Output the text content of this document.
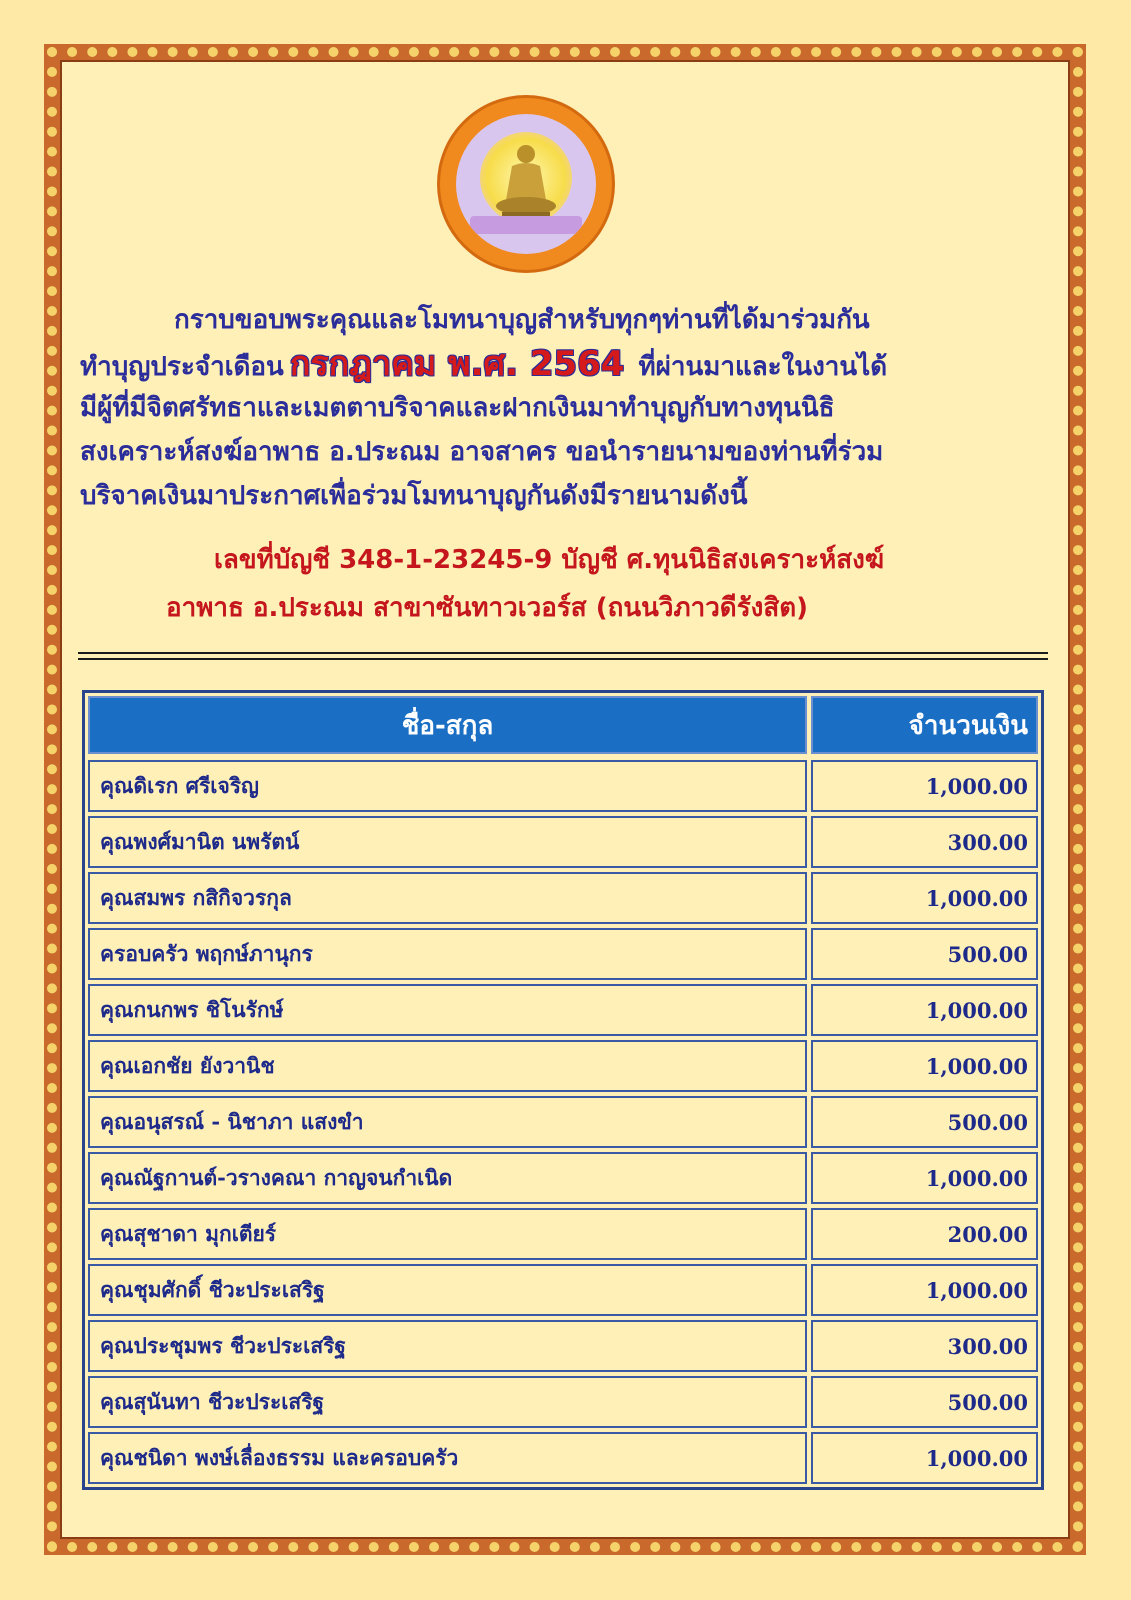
กราบขอบพระคุณและโมทนาบุญสำหรับทุกๆท่านที่ได้มาร่วมกัน
ทำบุญประจำเดือน กรกฎาคม พ.ศ. 2564 ที่ผ่านมาและในงานได้
มีผู้ที่มีจิตศรัทธาและเมตตาบริจาคและฝากเงินมาทำบุญกับทางทุนนิธิ
สงเคราะห์สงฆ์อาพาธ อ.ประณม อาจสาคร ขอนำรายนามของท่านที่ร่วม
บริจาคเงินมาประกาศเพื่อร่วมโมทนาบุญกันดังมีรายนามดังนี้
เลขที่บัญชี 348-1-23245-9 บัญชี ศ.ทุนนิธิสงเคราะห์สงฆ์
อาพาธ อ.ประณม สาขาซันทาวเวอร์ส (ถนนวิภาวดีรังสิต)
ชื่อ-สกุล	จำนวนเงิน
คุณดิเรก ศรีเจริญ	1,000.00
คุณพงศ์มานิต นพรัตน์	300.00
คุณสมพร กสิกิจวรกุล	1,000.00
ครอบครัว พฤกษ์ภานุกร	500.00
คุณกนกพร ชิโนรักษ์	1,000.00
คุณเอกชัย ยังวานิช	1,000.00
คุณอนุสรณ์ - นิชาภา แสงขำ	500.00
คุณณัฐกานต์-วรางคณา กาญจนกำเนิด	1,000.00
คุณสุชาดา มุกเตียร์	200.00
คุณชุมศักดิ์ ชีวะประเสริฐ	1,000.00
คุณประชุมพร ชีวะประเสริฐ	300.00
คุณสุนันทา ชีวะประเสริฐ	500.00
คุณชนิดา พงษ์เลื่องธรรม และครอบครัว	1,000.00
